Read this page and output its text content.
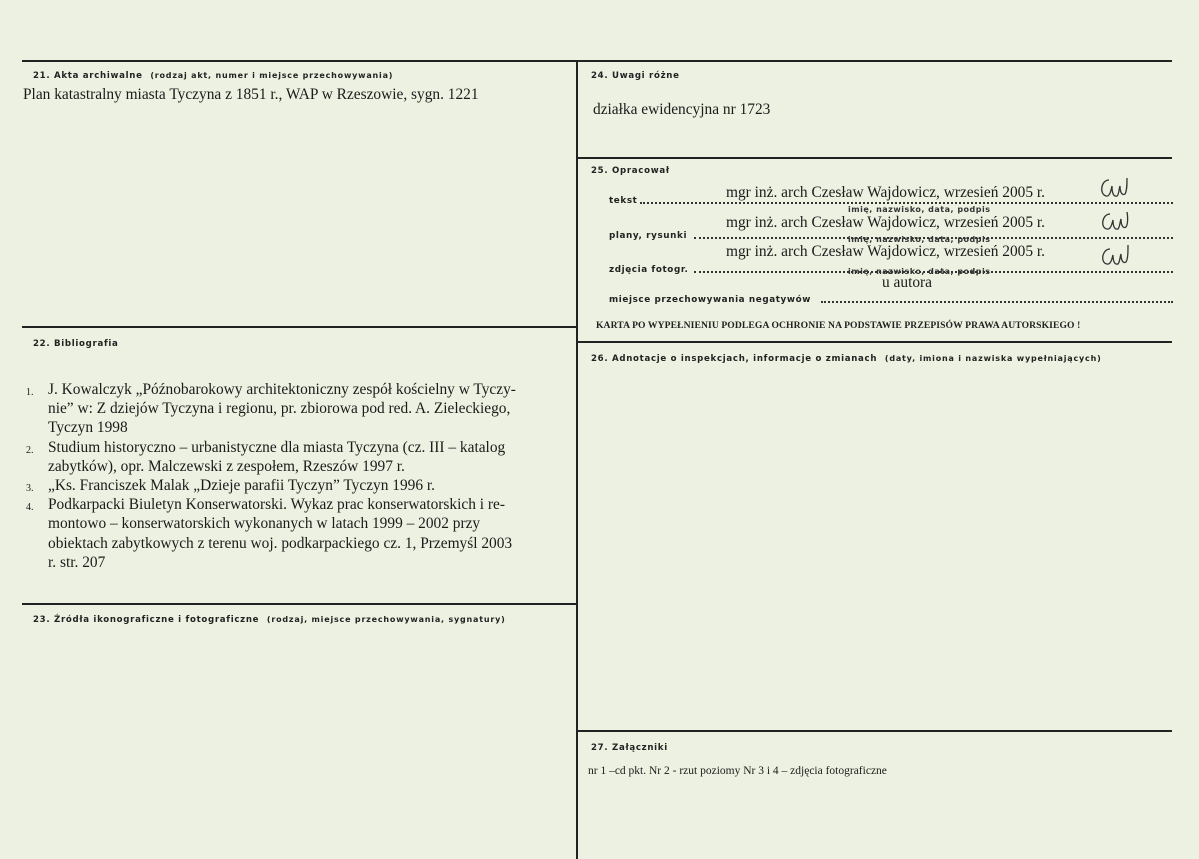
21. Akta archiwalne (rodzaj akt, numer i miejsce przechowywania)
Plan katastralny miasta Tyczyna z 1851 r., WAP w Rzeszowie, sygn. 1221
22. Bibliografia
1. J. Kowalczyk „Późnobarokowy architektoniczny zespół kościelny w Tyczy-
nie” w: Z dziejów Tyczyna i regionu, pr. zbiorowa pod red. A. Zieleckiego,
Tyczyn 1998
2. Studium historyczno – urbanistyczne dla miasta Tyczyna (cz. III – katalog
zabytków), opr. Malczewski z zespołem, Rzeszów 1997 r.
3. „Ks. Franciszek Malak „Dzieje parafii Tyczyn” Tyczyn 1996 r.
4. Podkarpacki Biuletyn Konserwatorski. Wykaz prac konserwatorskich i re-
montowo – konserwatorskich wykonanych w latach 1999 – 2002 przy
obiektach zabytkowych z terenu woj. podkarpackiego cz. 1, Przemyśl 2003
r. str. 207
23. Źródła ikonograficzne i fotograficzne (rodzaj, miejsce przechowywania, sygnatury)
24. Uwagi różne
działka ewidencyjna nr 1723
25. Opracował
tekst	mgr inż. arch Czesław Wajdowicz, wrzesień 2005 r.
imię, nazwisko, data, podpis
plany, rysunki
mgr inż. arch Czesław Wajdowicz, wrzesień 2005 r.
imię, nazwisko, data, podpis
zdjęcia fotogr.
mgr inż. arch Czesław Wajdowicz, wrzesień 2005 r.
imię, nazwisko, data, podpis
miejsce przechowywania negatywów
u autora
KARTA PO WYPEŁNIENIU PODLEGA OCHRONIE NA PODSTAWIE PRZEPISÓW PRAWA AUTORSKIEGO !
26. Adnotacje o inspekcjach, informacje o zmianach (daty, imiona i nazwiska wypełniających)
27. Załączniki
nr 1 –cd pkt. Nr 2 - rzut poziomy Nr 3 i 4 – zdjęcia fotograficzne
